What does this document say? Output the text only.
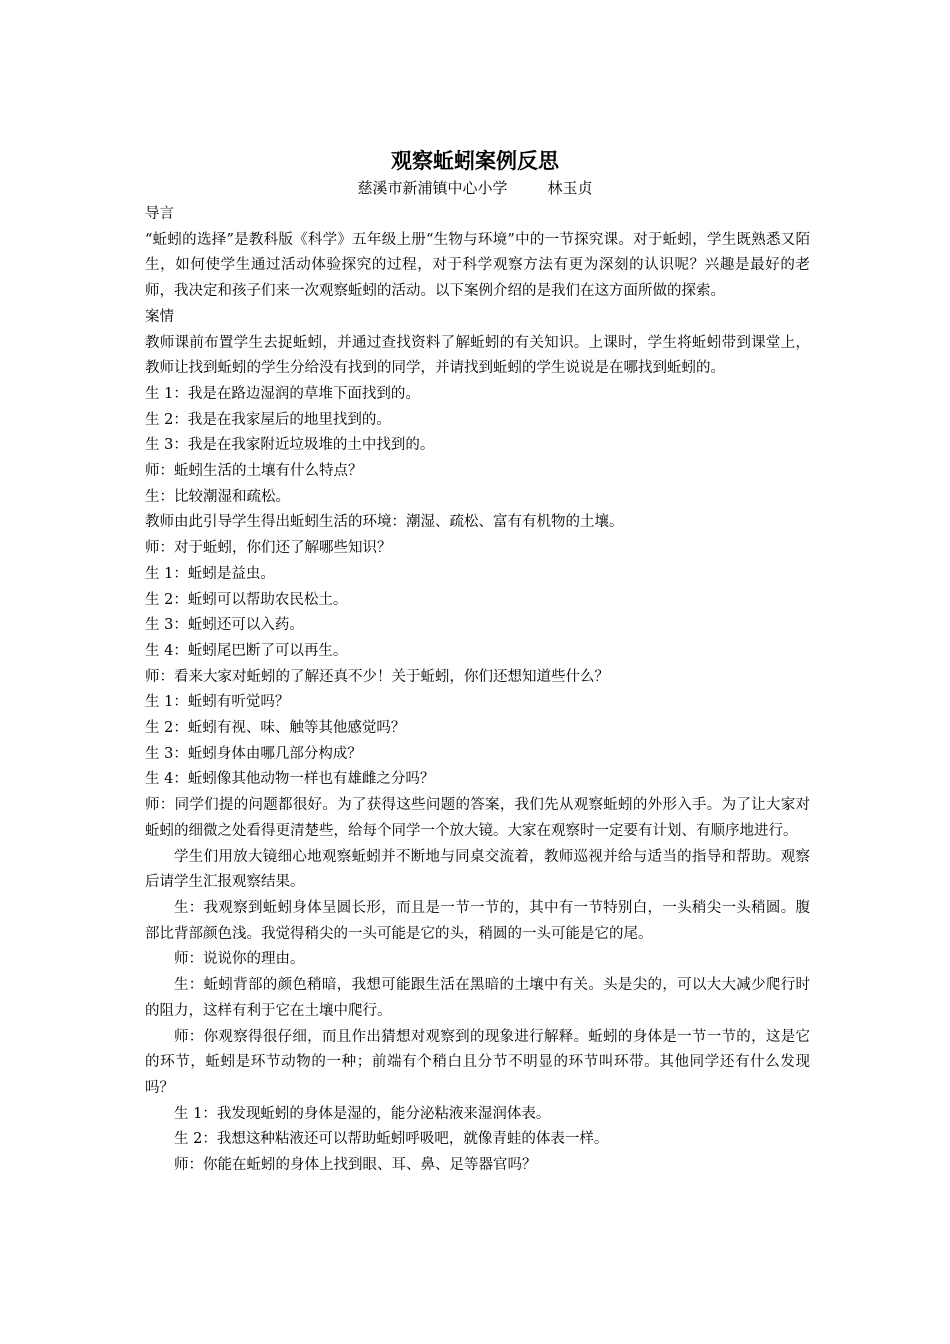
观察蚯蚓案例反思
慈溪市新浦镇中心小学	林玉贞

导言

“蚯蚓的选择”是教科版《科学》五年级上册“生物与环境”中的一节探究课。对于蚯蚓，学生既熟悉又陌生，如何使学生通过活动体验探究的过程，对于科学观察方法有更为深刻的认识呢？兴趣是最好的老师，我决定和孩子们来一次观察蚯蚓的活动。以下案例介绍的是我们在这方面所做的探索。

案情

教师课前布置学生去捉蚯蚓，并通过查找资料了解蚯蚓的有关知识。上课时，学生将蚯蚓带到课堂上，教师让找到蚯蚓的学生分给没有找到的同学，并请找到蚯蚓的学生说说是在哪找到蚯蚓的。

生 1：我是在路边湿润的草堆下面找到的。

生 2：我是在我家屋后的地里找到的。

生 3：我是在我家附近垃圾堆的土中找到的。

师：蚯蚓生活的土壤有什么特点？

生：比较潮湿和疏松。

教师由此引导学生得出蚯蚓生活的环境：潮湿、疏松、富有有机物的土壤。

师：对于蚯蚓，你们还了解哪些知识？

生 1：蚯蚓是益虫。

生 2：蚯蚓可以帮助农民松土。

生 3：蚯蚓还可以入药。

生 4：蚯蚓尾巴断了可以再生。

师：看来大家对蚯蚓的了解还真不少！关于蚯蚓，你们还想知道些什么？

生 1：蚯蚓有听觉吗？

生 2：蚯蚓有视、味、触等其他感觉吗？

生 3：蚯蚓身体由哪几部分构成？

生 4：蚯蚓像其他动物一样也有雄雌之分吗？

师：同学们提的问题都很好。为了获得这些问题的答案，我们先从观察蚯蚓的外形入手。为了让大家对蚯蚓的细微之处看得更清楚些，给每个同学一个放大镜。大家在观察时一定要有计划、有顺序地进行。

学生们用放大镜细心地观察蚯蚓并不断地与同桌交流着，教师巡视并给与适当的指导和帮助。观察后请学生汇报观察结果。

生：我观察到蚯蚓身体呈圆长形，而且是一节一节的，其中有一节特别白，一头稍尖一头稍圆。腹部比背部颜色浅。我觉得稍尖的一头可能是它的头，稍圆的一头可能是它的尾。

师：说说你的理由。

生：蚯蚓背部的颜色稍暗，我想可能跟生活在黑暗的土壤中有关。头是尖的，可以大大减少爬行时的阻力，这样有利于它在土壤中爬行。

师：你观察得很仔细，而且作出猜想对观察到的现象进行解释。蚯蚓的身体是一节一节的，这是它的环节，蚯蚓是环节动物的一种；前端有个稍白且分节不明显的环节叫环带。其他同学还有什么发现吗？

生 1：我发现蚯蚓的身体是湿的，能分泌粘液来湿润体表。

生 2：我想这种粘液还可以帮助蚯蚓呼吸吧，就像青蛙的体表一样。

师：你能在蚯蚓的身体上找到眼、耳、鼻、足等器官吗？
